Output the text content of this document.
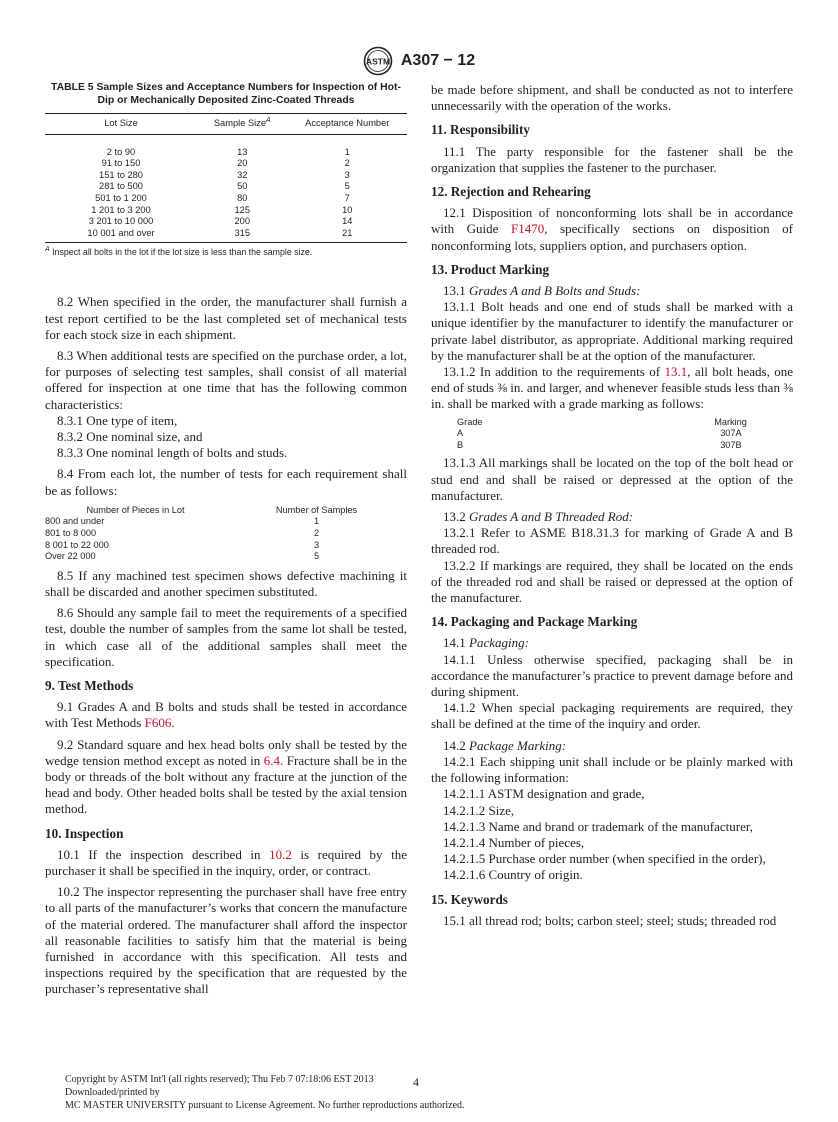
ASTM A307 − 12
TABLE 5 Sample Sizes and Acceptance Numbers for Inspection of Hot-Dip or Mechanically Deposited Zinc-Coated Threads
Lot Size	Sample Size$^A$	Acceptance Number
2 to 90	13	1
91 to 150	20	2
151 to 280	32	3
281 to 500	50	5
501 to 1 200	80	7
1 201 to 3 200	125	10
3 201 to 10 000	200	14
10 001 and over	315	21
$^A$ Inspect all bolts in the lot if the lot size is less than the sample size.

8.2 When specified in the order, the manufacturer shall furnish a test report certified to be the last completed set of mechanical tests for each stock size in each shipment.

8.3 When additional tests are specified on the purchase order, a lot, for purposes of selecting test samples, shall consist of all material offered for inspection at one time that has the following common characteristics:

8.3.1 One type of item,

8.3.2 One nominal size, and

8.3.3 One nominal length of bolts and studs.

8.4 From each lot, the number of tests for each requirement shall be as follows:

Number of Pieces in Lot	Number of Samples
800 and under	1
801 to 8 000	2
8 001 to 22 000	3
Over 22 000	5

8.5 If any machined test specimen shows defective machining it shall be discarded and another specimen substituted.

8.6 Should any sample fail to meet the requirements of a specified test, double the number of samples from the same lot shall be tested, in which case all of the additional samples shall meet the specification.

9. Test Methods

9.1 Grades A and B bolts and studs shall be tested in accordance with Test Methods F606.

9.2 Standard square and hex head bolts only shall be tested by the wedge tension method except as noted in 6.4. Fracture shall be in the body or threads of the bolt without any fracture at the junction of the head and body. Other headed bolts shall be tested by the axial tension method.

10. Inspection

10.1 If the inspection described in 10.2 is required by the purchaser it shall be specified in the inquiry, order, or contract.

10.2 The inspector representing the purchaser shall have free entry to all parts of the manufacturer’s works that concern the manufacture of the material ordered. The manufacturer shall afford the inspector all reasonable facilities to satisfy him that the material is being furnished in accordance with this specification. All tests and inspections required by the specification that are requested by the purchaser’s representative shall

be made before shipment, and shall be conducted as not to interfere unnecessarily with the operation of the works.

11. Responsibility

11.1 The party responsible for the fastener shall be the organization that supplies the fastener to the purchaser.

12. Rejection and Rehearing

12.1 Disposition of nonconforming lots shall be in accordance with Guide F1470, specifically sections on disposition of nonconforming lots, suppliers option, and purchasers option.

13. Product Marking

13.1 Grades A and B Bolts and Studs:

13.1.1 Bolt heads and one end of studs shall be marked with a unique identifier by the manufacturer to identify the manufacturer or private label distributor, as appropriate. Additional marking required by the manufacturer shall be at the option of the manufacturer.

13.1.2 In addition to the requirements of 13.1, all bolt heads, one end of studs ⅜ in. and larger, and whenever feasible studs less than ⅜ in. shall be marked with a grade marking as follows:

Grade	Marking
A	307A
B	307B

13.1.3 All markings shall be located on the top of the bolt head or stud end and shall be raised or depressed at the option of the manufacturer.

13.2 Grades A and B Threaded Rod:

13.2.1 Refer to ASME B18.31.3 for marking of Grade A and B threaded rod.

13.2.2 If markings are required, they shall be located on the ends of the threaded rod and shall be raised or depressed at the option of the manufacturer.

14. Packaging and Package Marking

14.1 Packaging:

14.1.1 Unless otherwise specified, packaging shall be in accordance the manufacturer’s practice to prevent damage before and during shipment.

14.1.2 When special packaging requirements are required, they shall be defined at the time of the inquiry and order.

14.2 Package Marking:

14.2.1 Each shipping unit shall include or be plainly marked with the following information:

14.2.1.1 ASTM designation and grade,

14.2.1.2 Size,

14.2.1.3 Name and brand or trademark of the manufacturer,

14.2.1.4 Number of pieces,

14.2.1.5 Purchase order number (when specified in the order),

14.2.1.6 Country of origin.

15. Keywords

15.1 all thread rod; bolts; carbon steel; steel; studs; threaded rod

Copyright by ASTM Int'l (all rights reserved); Thu Feb 7 07:18:06 EST 2013
Downloaded/printed by
MC MASTER UNIVERSITY pursuant to License Agreement. No further reproductions authorized.
4
